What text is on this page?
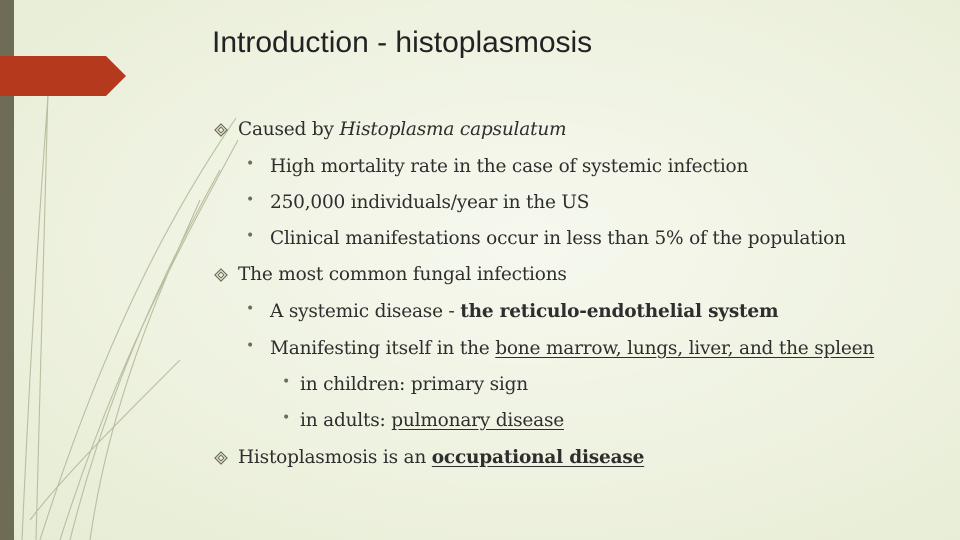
Introduction - histoplasmosis
Caused by Histoplasma capsulatum
• High mortality rate in the case of systemic infection
• 250,000 individuals/year in the US
• Clinical manifestations occur in less than 5% of the population
The most common fungal infections
• A systemic disease - the reticulo-endothelial system
• Manifesting itself in the bone marrow, lungs, liver, and the spleen
• in children: primary sign
• in adults: pulmonary disease
Histoplasmosis is an occupational disease
